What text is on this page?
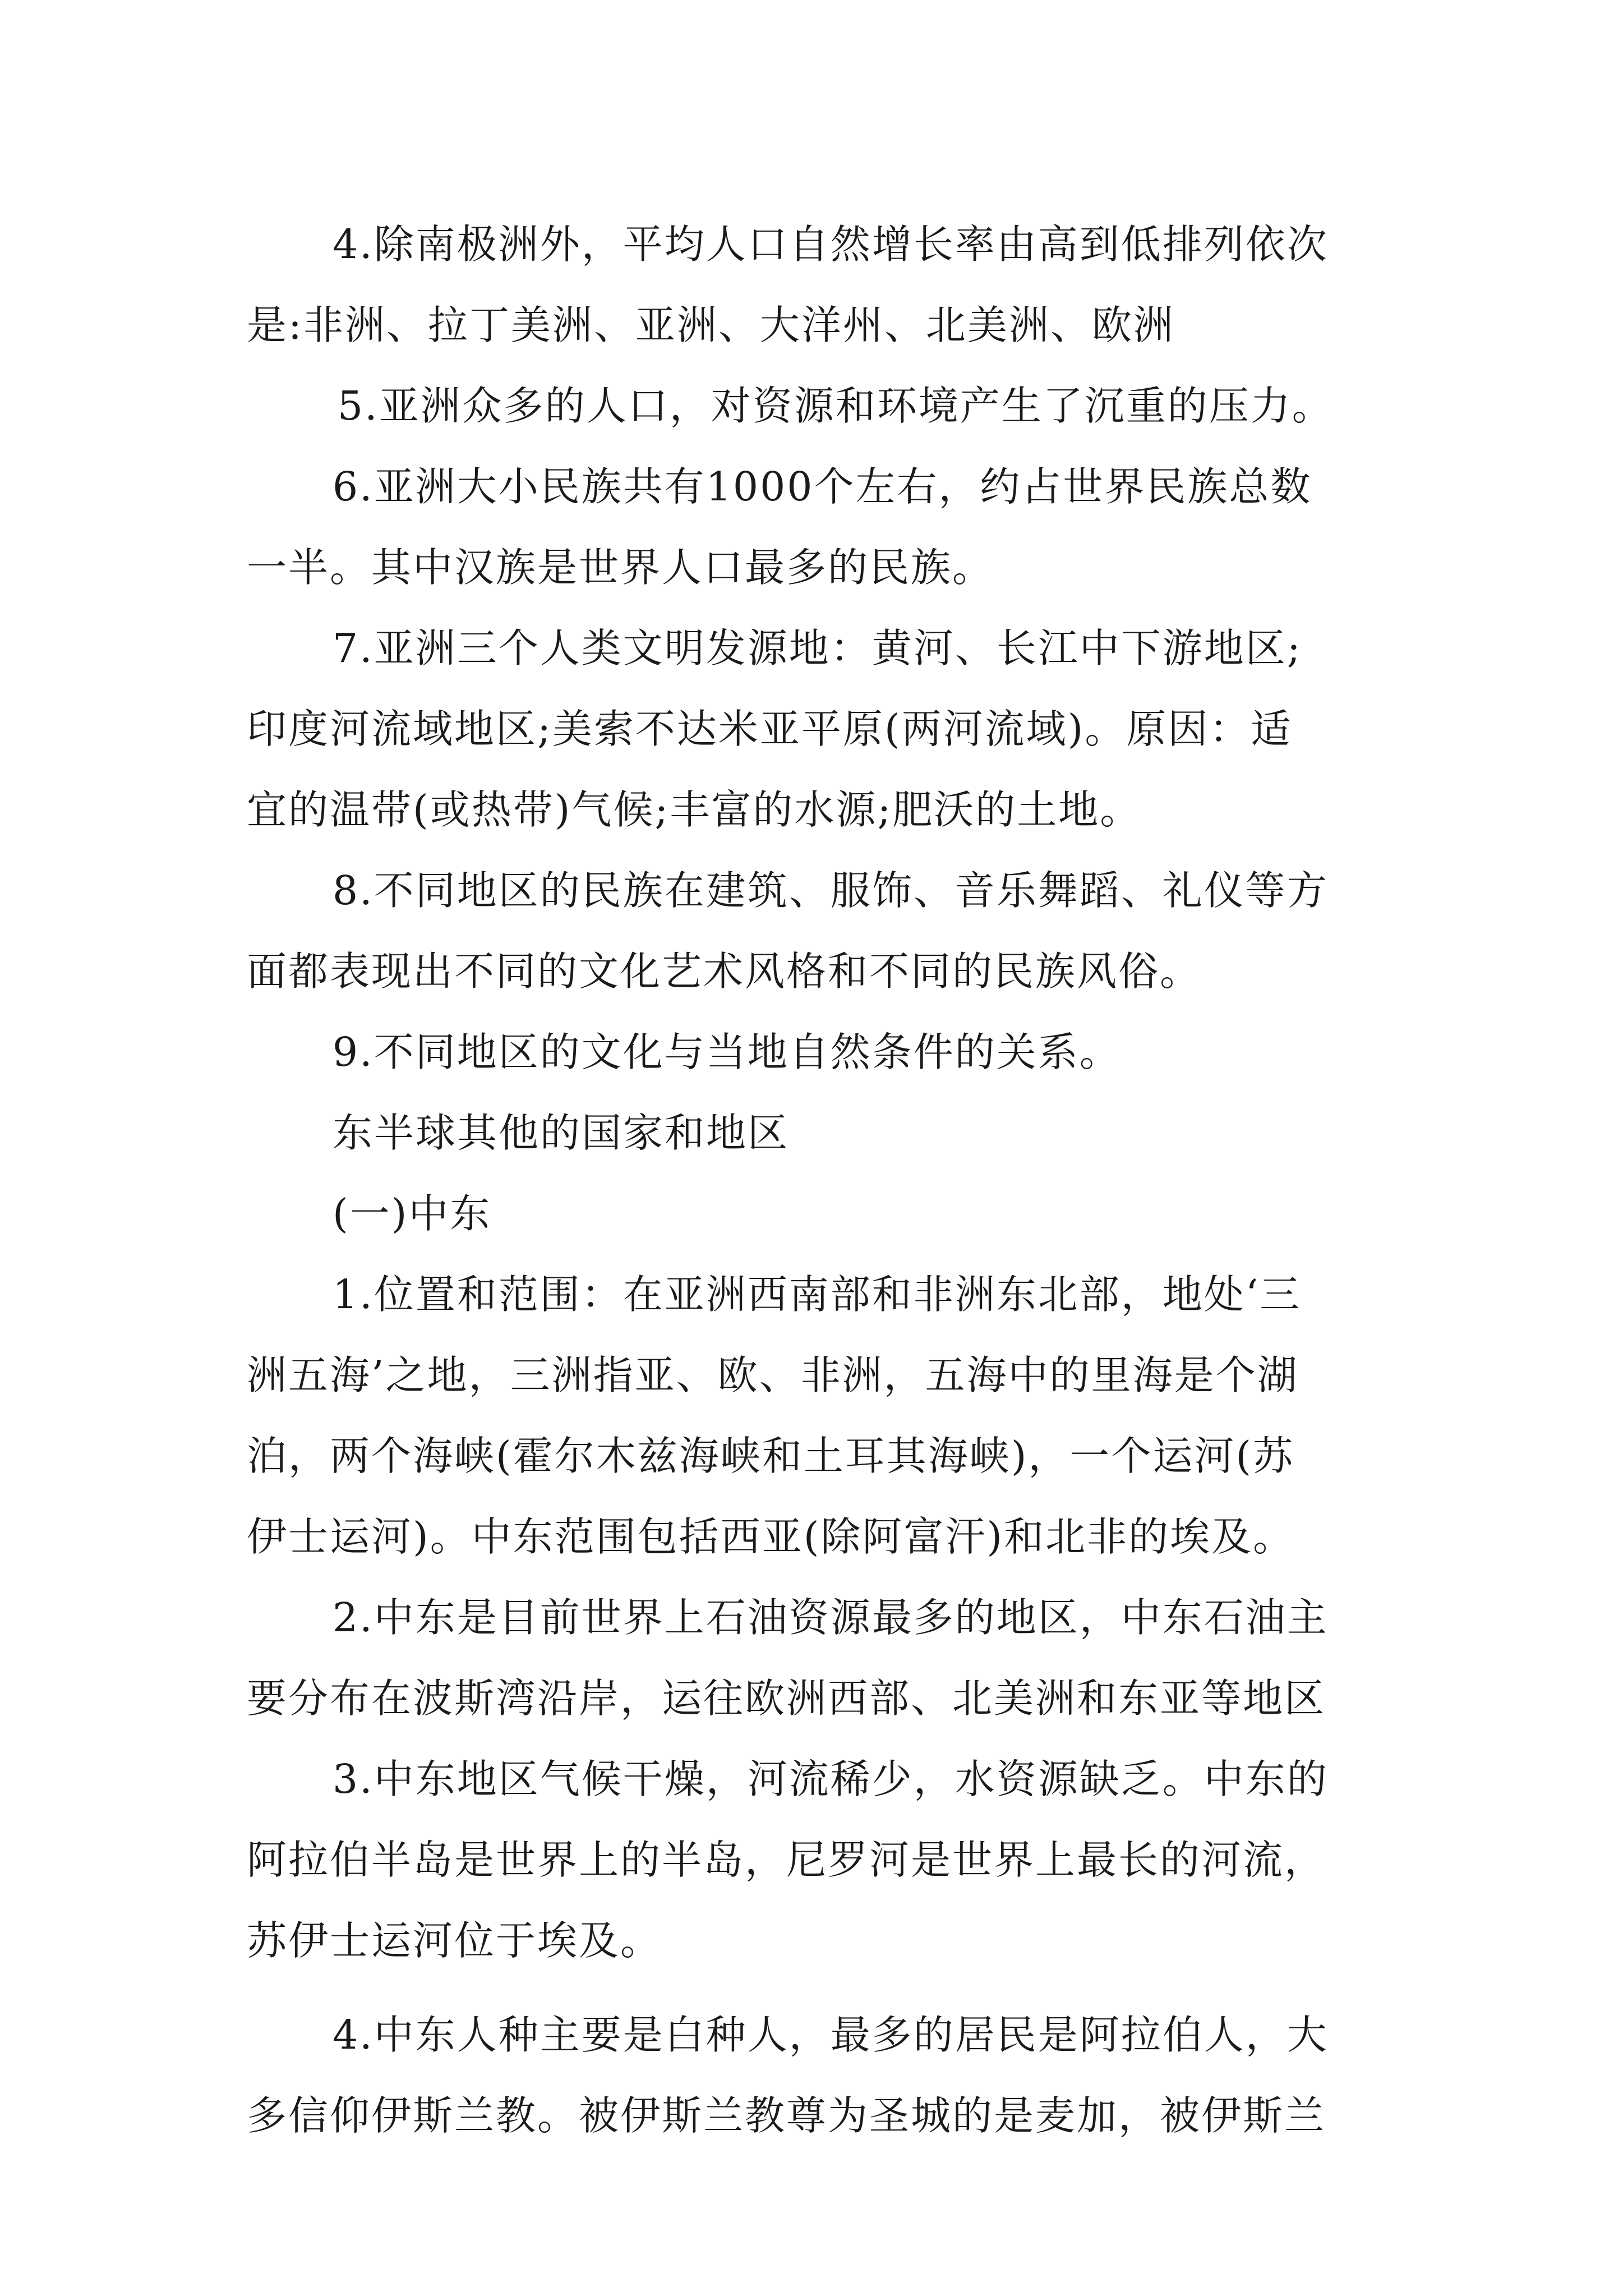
4.除南极洲外，平均人口自然增长率由高到低排列依次
是:非洲、拉丁美洲、亚洲、大洋州、北美洲、欧洲
5.亚洲众多的人口，对资源和环境产生了沉重的压力。
6.亚洲大小民族共有1000个左右，约占世界民族总数
一半。其中汉族是世界人口最多的民族。
7.亚洲三个人类文明发源地：黄河、长江中下游地区;
印度河流域地区;美索不达米亚平原(两河流域)。原因：适
宜的温带(或热带)气候;丰富的水源;肥沃的土地。
8.不同地区的民族在建筑、服饰、音乐舞蹈、礼仪等方
面都表现出不同的文化艺术风格和不同的民族风俗。
9.不同地区的文化与当地自然条件的关系。
东半球其他的国家和地区
(一)中东
1.位置和范围：在亚洲西南部和非洲东北部，地处‘三
洲五海’之地，三洲指亚、欧、非洲，五海中的里海是个湖
泊，两个海峡(霍尔木兹海峡和土耳其海峡)，一个运河(苏
伊士运河)。中东范围包括西亚(除阿富汗)和北非的埃及。
2.中东是目前世界上石油资源最多的地区，中东石油主
要分布在波斯湾沿岸，运往欧洲西部、北美洲和东亚等地区
3.中东地区气候干燥，河流稀少，水资源缺乏。中东的
阿拉伯半岛是世界上的半岛，尼罗河是世界上最长的河流，
苏伊士运河位于埃及。
4.中东人种主要是白种人，最多的居民是阿拉伯人，大
多信仰伊斯兰教。被伊斯兰教尊为圣城的是麦加，被伊斯兰
